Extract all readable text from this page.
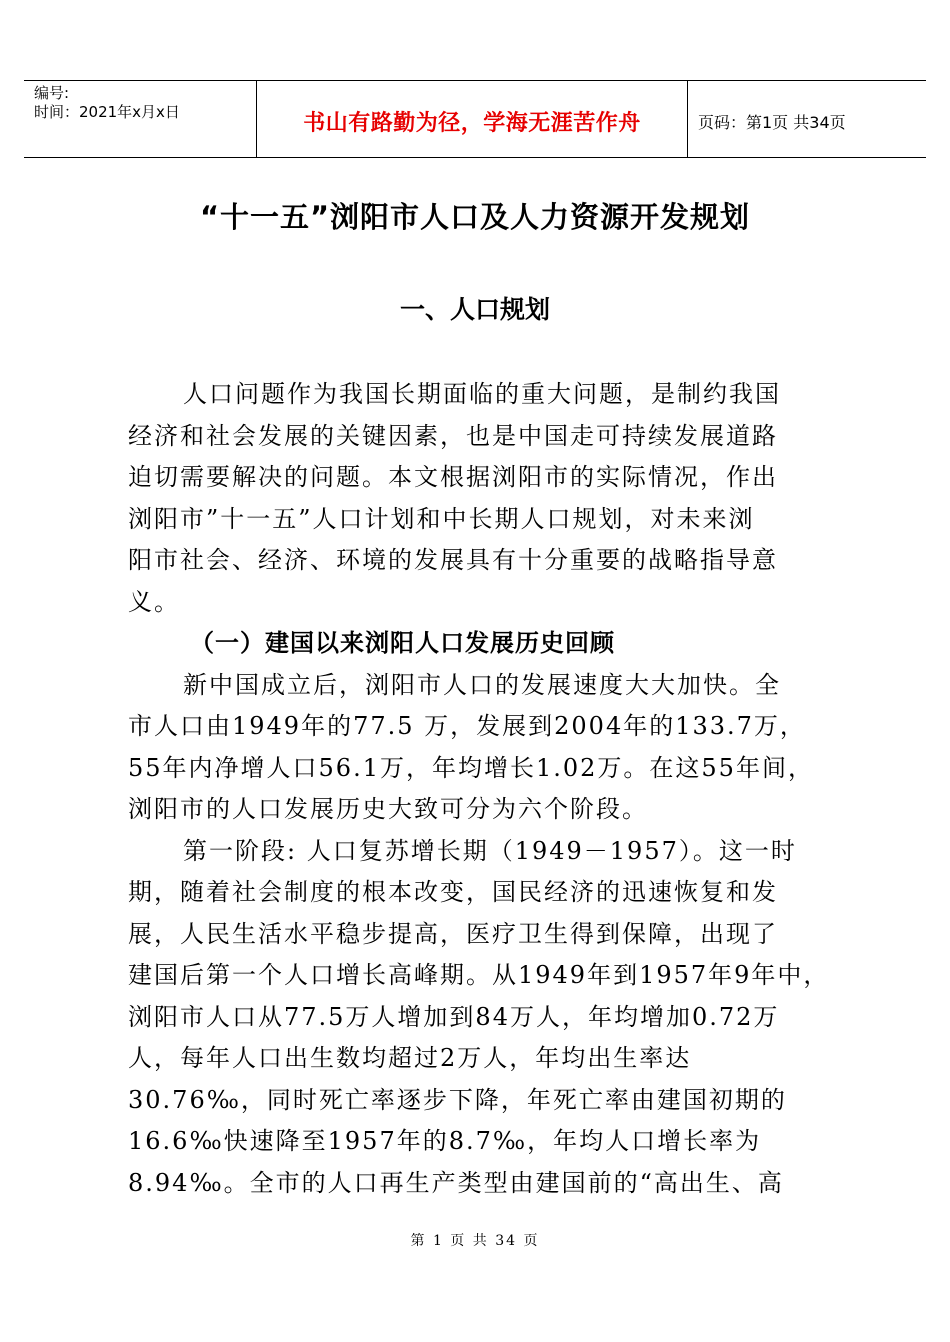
编号:
时间：2021年x月x日	书山有路勤为径，学海无涯苦作舟	页码：第1页 共34页
“十一五”浏阳市人口及人力资源开发规划
一、人口规划
人口问题作为我国长期面临的重大问题，是制约我国
经济和社会发展的关键因素，也是中国走可持续发展道路
迫切需要解决的问题。本文根据浏阳市的实际情况，作出
浏阳市”十一五”人口计划和中长期人口规划，对未来浏
阳市社会、经济、环境的发展具有十分重要的战略指导意
义。
（一）建国以来浏阳人口发展历史回顾
新中国成立后，浏阳市人口的发展速度大大加快。全
市人口由1949年的77.5 万，发展到2004年的133.7万，
55年内净增人口56.1万，年均增长1.02万。在这55年间，
浏阳市的人口发展历史大致可分为六个阶段。
第一阶段: 人口复苏增长期（1949－1957）。这一时
期，随着社会制度的根本改变，国民经济的迅速恢复和发
展，人民生活水平稳步提高，医疗卫生得到保障，出现了
建国后第一个人口增长高峰期。从1949年到1957年9年中，
浏阳市人口从77.5万人增加到84万人，年均增加0.72万
人，每年人口出生数均超过2万人，年均出生率达
30.76‰，同时死亡率逐步下降，年死亡率由建国初期的
16.6‰快速降至1957年的8.7‰，年均人口增长率为
8.94‰。全市的人口再生产类型由建国前的“高出生、高
第 1 页 共 34 页
